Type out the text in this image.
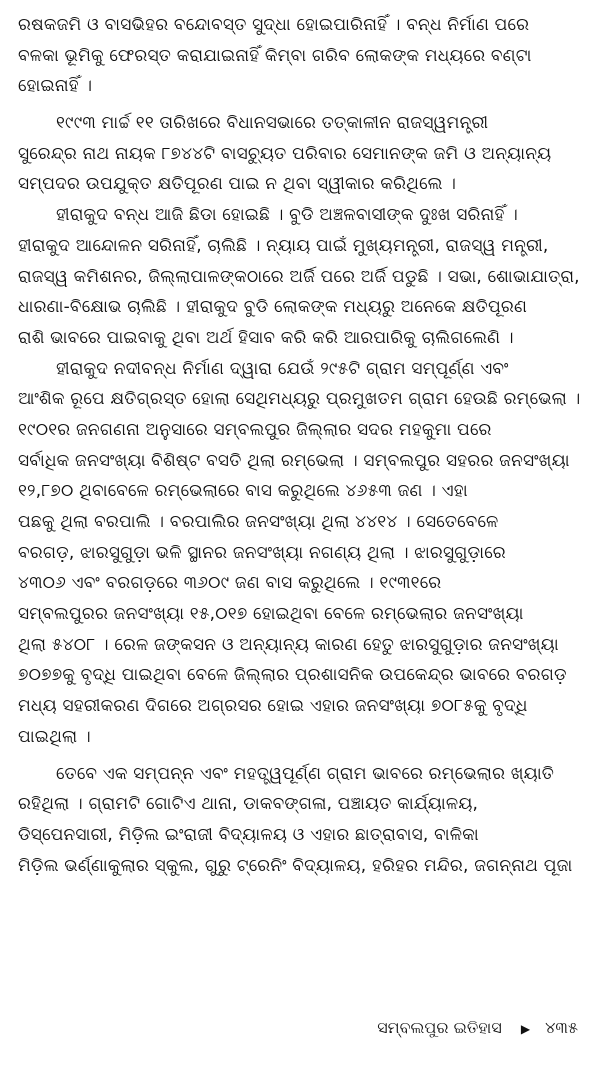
ରଷକଜମି ଓ ବାସଭିହର ବନ୍ଦୋବସ୍ତ ସୁଦ୍ଧା ହୋଇପାରିନାହିଁ । ବନ୍ଧ ନିର୍ମାଣ ପରେ
ବଳକା ଭୂମିକୁ ଫେରସ୍ତ କରାଯାଇନାହିଁ କିମ୍ବା ଗରିବ ଲୋକଙ୍କ ମଧ୍ୟରେ ବଣ୍ଟା
ହୋଇନାହିଁ ।
୧୯୯୩ ମାର୍ଚ୍ଚ ୧୧ ତାରିଖରେ ବିଧାନସଭାରେ ତତ୍କାଳୀନ ରାଜସ୍ୱମନ୍ତ୍ରୀ
ସୁରେନ୍ଦ୍ର ନାଥ ନାୟକ ୮୭୪୪ଟି ବାସଚ୍ୟୁତ ପରିବାର ସେମାନଙ୍କ ଜମି ଓ ଅନ୍ୟାନ୍ୟ
ସମ୍ପଦର ଉପଯୁକ୍ତ କ୍ଷତିପୂରଣ ପାଇ ନ ଥିବା ସ୍ୱୀକାର କରିଥିଲେ ।
ହୀରାକୁଦ ବନ୍ଧ ଆଜି ଛିଡା ହୋଇଛି । ବୁଡି ଅଞ୍ଚଳବାସୀଙ୍କ ଦୁଃଖ ସରିନାହିଁ ।
ହୀରାକୁଦ ଆନ୍ଦୋଳନ ସରିନାହିଁ, ଚାଲିଛି । ନ୍ୟାୟ ପାଇଁ ମୁଖ୍ୟମନ୍ତ୍ରୀ, ରାଜସ୍ୱ ମନ୍ତ୍ରୀ,
ରାଜସ୍ୱ କମିଶନର, ଜିଲ୍ଲାପାଳଙ୍କଠାରେ ଅର୍ଜି ପରେ ଅର୍ଜି ପଡୁଛି । ସଭା, ଶୋଭାଯାତ୍ରା,
ଧାରଣା-ବିକ୍ଷୋଭ ଚାଲିଛି । ହୀରାକୁଦ ବୁଡି ଲୋକଙ୍କ ମଧ୍ୟରୁ ଅନେକେ କ୍ଷତିପୂରଣ
ରାଶି ଭାବରେ ପାଇବାକୁ ଥିବା ଅର୍ଥ ହିସାବ କରି କରି ଆରପାରିକୁ ଚାଲିଗଲେଣି ।
ହୀରାକୁଦ ନଦୀବନ୍ଧ ନିର୍ମାଣ ଦ୍ୱାରା ଯେଉଁ ୨୯୫ଟି ଗ୍ରାମ ସମ୍ପୂର୍ଣ୍ଣ ଏବଂ
ଆଂଶିକ ରୂପେ କ୍ଷତିଗ୍ରସ୍ତ ହୋଲା ସେଥିମଧ୍ୟରୁ ପ୍ରମୁଖତମ ଗ୍ରାମ ହେଉଛି ରମ୍ଭେଲା ।
୧୯୦୧ର ଜନଗଣନା ଅନୁସାରେ ସମ୍ବଲପୁର ଜିଲ୍ଲାର ସଦର ମହକୁମା ପରେ
ସର୍ବାଧିକ ଜନସଂଖ୍ୟା ବିଶିଷ୍ଟ ବସତି ଥିଲା ରମ୍ଭେଲା । ସମ୍ବଲପୁର ସହରର ଜନସଂଖ୍ୟା
୧୨,୮୭୦ ଥିବାବେଳେ ରମ୍ଭେଲାରେ ବାସ କରୁଥିଲେ ୪୬୫୩ ଜଣ । ଏହା
ପଛକୁ ଥିଲା ବରପାଲି । ବରପାଲିର ଜନସଂଖ୍ୟା ଥିଲା ୪୪୧୪ । ସେତେବେଳେ
ବରଗଡ଼, ଝାରସୁଗୁଡ଼ା ଭଳି ସ୍ଥାନର ଜନସଂଖ୍ୟା ନଗଣ୍ୟ ଥିଲା । ଝାରସୁଗୁଡ଼ାରେ
୪୩୦୬ ଏବଂ ବରଗଡ଼ରେ ୩୬୦୯ ଜଣ ବାସ କରୁଥିଲେ । ୧୯୩୧ରେ
ସମ୍ବଲପୁରର ଜନସଂଖ୍ୟା ୧୫,୦୧୭ ହୋଇଥିବା ବେଳେ ରମ୍ଭେଲାର ଜନସଂଖ୍ୟା
ଥିଲା ୫୪୦୮ । ରେଳ ଜଙ୍କସନ ଓ ଅନ୍ୟାନ୍ୟ କାରଣ ହେତୁ ଝାରସୁଗୁଡ଼ାର ଜନସଂଖ୍ୟା
୭୦୭୭କୁ ବୃଦ୍ଧି ପାଇଥିବା ବେଳେ ଜିଲ୍ଲାର ପ୍ରଶାସନିକ ଉପକେନ୍ଦ୍ର ଭାବରେ ବରଗଡ଼
ମଧ୍ୟ ସହରୀକରଣ ଦିଗରେ ଅଗ୍ରସର ହୋଇ ଏହାର ଜନସଂଖ୍ୟା ୭୦୮୫କୁ ବୃଦ୍ଧି
ପାଇଥିଲା ।
ତେବେ ଏକ ସମ୍ପନ୍ନ ଏବଂ ମହତ୍ତ୍ୱପୂର୍ଣ୍ଣ ଗ୍ରାମ ଭାବରେ ରମ୍ଭେଲାର ଖ୍ୟାତି
ରହିଥିଲା । ଗ୍ରାମଟି ଗୋଟିଏ ଥାନା, ଡାକବଙ୍ଗଳା, ପଞ୍ଚାୟତ କାର୍ଯ୍ୟାଳୟ,
ଡିସ୍‌ପେନସାରୀ, ମିଡ଼ିଲ ଇଂରାଜୀ ବିଦ୍ୟାଳୟ ଓ ଏହାର ଛାତ୍ରାବାସ, ବାଳିକା
ମିଡ଼ିଲ ଭର୍ଣ୍ଣାକୁଲାର ସ୍କୁଲ, ଗୁରୁ ଟ୍ରେନିଂ ବିଦ୍ୟାଳୟ, ହରିହର ମନ୍ଦିର, ଜଗନ୍ନାଥ ପୂଜା
ସମ୍ବଲପୁର ଇତିହାସ ▶ ୪୩୫
